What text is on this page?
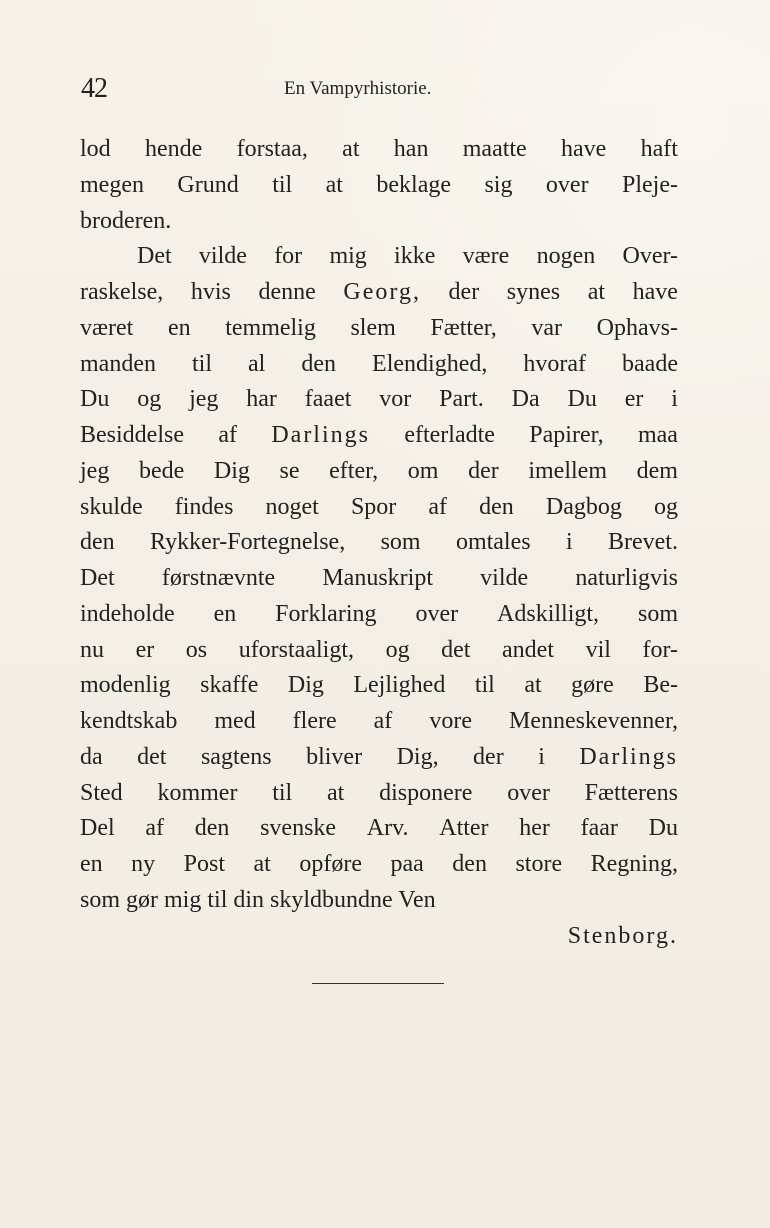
42	En Vampyrhistorie.
lod hende forstaa, at han maatte have haft
megen Grund til at beklage sig over Pleje-
broderen.
Det vilde for mig ikke være nogen Over-
raskelse, hvis denne Georg, der synes at have
været en temmelig slem Fætter, var Ophavs-
manden til al den Elendighed, hvoraf baade
Du og jeg har faaet vor Part. Da Du er i
Besiddelse af Darlings efterladte Papirer, maa
jeg bede Dig se efter, om der imellem dem
skulde findes noget Spor af den Dagbog og
den Rykker-Fortegnelse, som omtales i Brevet.
Det førstnævnte Manuskript vilde naturligvis
indeholde en Forklaring over Adskilligt, som
nu er os uforstaaligt, og det andet vil for-
modenlig skaffe Dig Lejlighed til at gøre Be-
kendtskab med flere af vore Menneskevenner,
da det sagtens bliver Dig, der i Darlings
Sted kommer til at disponere over Fætterens
Del af den svenske Arv. Atter her faar Du
en ny Post at opføre paa den store Regning,
som gør mig til din skyldbundne Ven
Stenborg.
